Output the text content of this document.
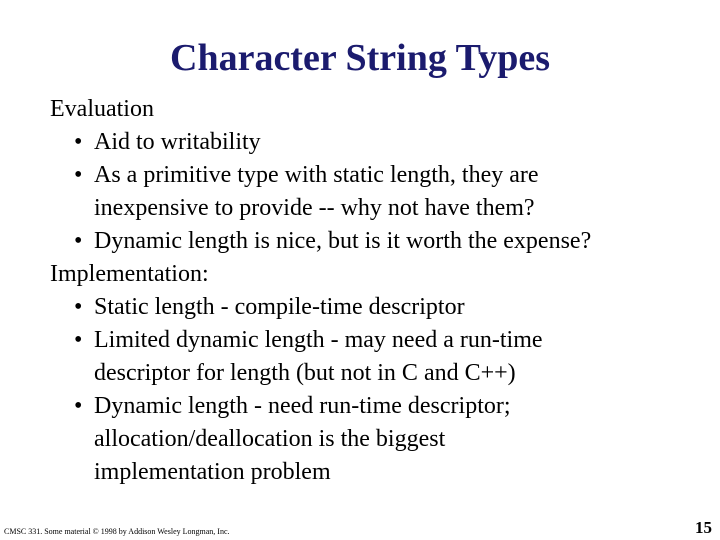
Character String Types

Evaluation

• Aid to writability
• As a primitive type with static length, they are
inexpensive to provide -- why not have them?
• Dynamic length is nice, but is it worth the expense?

Implementation:

• Static length - compile-time descriptor
• Limited dynamic length - may need a run-time
descriptor for length (but not in C and C++)
• Dynamic length - need run-time descriptor;
allocation/deallocation is the biggest
implementation problem
CMSC 331. Some material © 1998 by Addison Wesley Longman, Inc.	15
